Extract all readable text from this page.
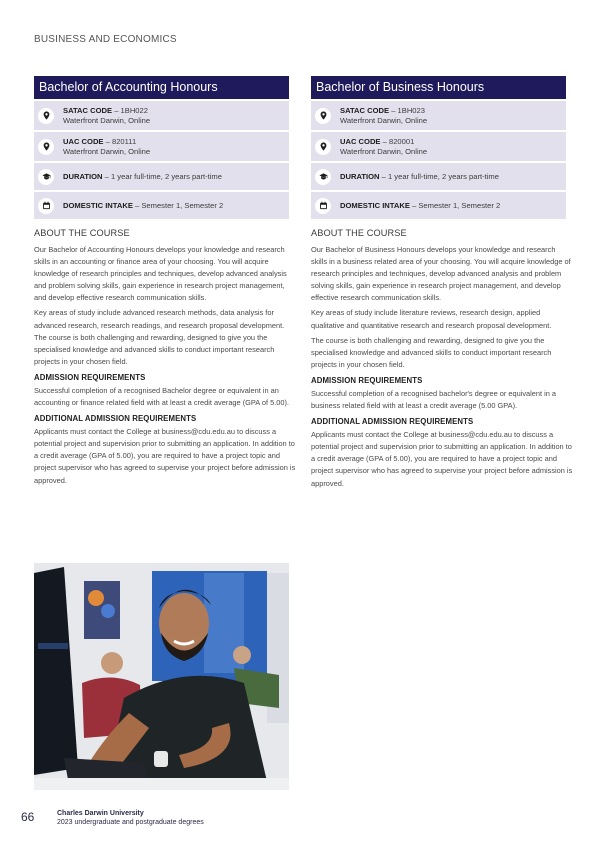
BUSINESS AND ECONOMICS
Bachelor of Accounting Honours
SATAC CODE – 1BH022
Waterfront Darwin, Online
UAC CODE – 820111
Waterfront Darwin, Online
DURATION – 1 year full-time, 2 years part-time
DOMESTIC INTAKE – Semester 1, Semester 2
Bachelor of Business Honours
SATAC CODE – 1BH023
Waterfront Darwin, Online
UAC CODE – 820001
Waterfront Darwin, Online
DURATION – 1 year full-time, 2 years part-time
DOMESTIC INTAKE – Semester 1, Semester 2
ABOUT THE COURSE

Our Bachelor of Accounting Honours develops your knowledge and research skills in an accounting or finance area of your choosing. You will acquire knowledge of research principles and techniques, develop advanced analysis and problem solving skills, gain experience in research project management, and develop effective research communication skills.

Key areas of study include advanced research methods, data analysis for advanced research, research readings, and research proposal development. The course is both challenging and rewarding, designed to give you the specialised knowledge and advanced skills to conduct important research projects in your chosen field.

ADMISSION REQUIREMENTS

Successful completion of a recognised Bachelor degree or equivalent in an accounting or finance related field with at least a credit average (GPA of 5.00).

ADDITIONAL ADMISSION REQUIREMENTS

Applicants must contact the College at business@cdu.edu.au to discuss a potential project and supervision prior to submitting an application. In addition to a credit average (GPA of 5.00), you are required to have a project topic and project supervisor who has agreed to supervise your project before admission is approved.

ABOUT THE COURSE

Our Bachelor of Business Honours develops your knowledge and research skills in a business related area of your choosing. You will acquire knowledge of research principles and techniques, develop advanced analysis and problem solving skills, gain experience in research project management, and develop effective research communication skills.

Key areas of study include literature reviews, research design, applied qualitative and quantitative research and research proposal development.

The course is both challenging and rewarding, designed to give you the specialised knowledge and advanced skills to conduct important research projects in your chosen field.

ADMISSION REQUIREMENTS

Successful completion of a recognised bachelor's degree or equivalent in a business related field with at least a credit average (5.00 GPA).

ADDITIONAL ADMISSION REQUIREMENTS

Applicants must contact the College at business@cdu.edu.au to discuss a potential project and supervision prior to submitting an application. In addition to a credit average (GPA of 5.00), you are required to have a project topic and project supervisor who has agreed to supervise your project before admission is approved.

66	Charles Darwin University
2023 undergraduate and postgraduate degrees
